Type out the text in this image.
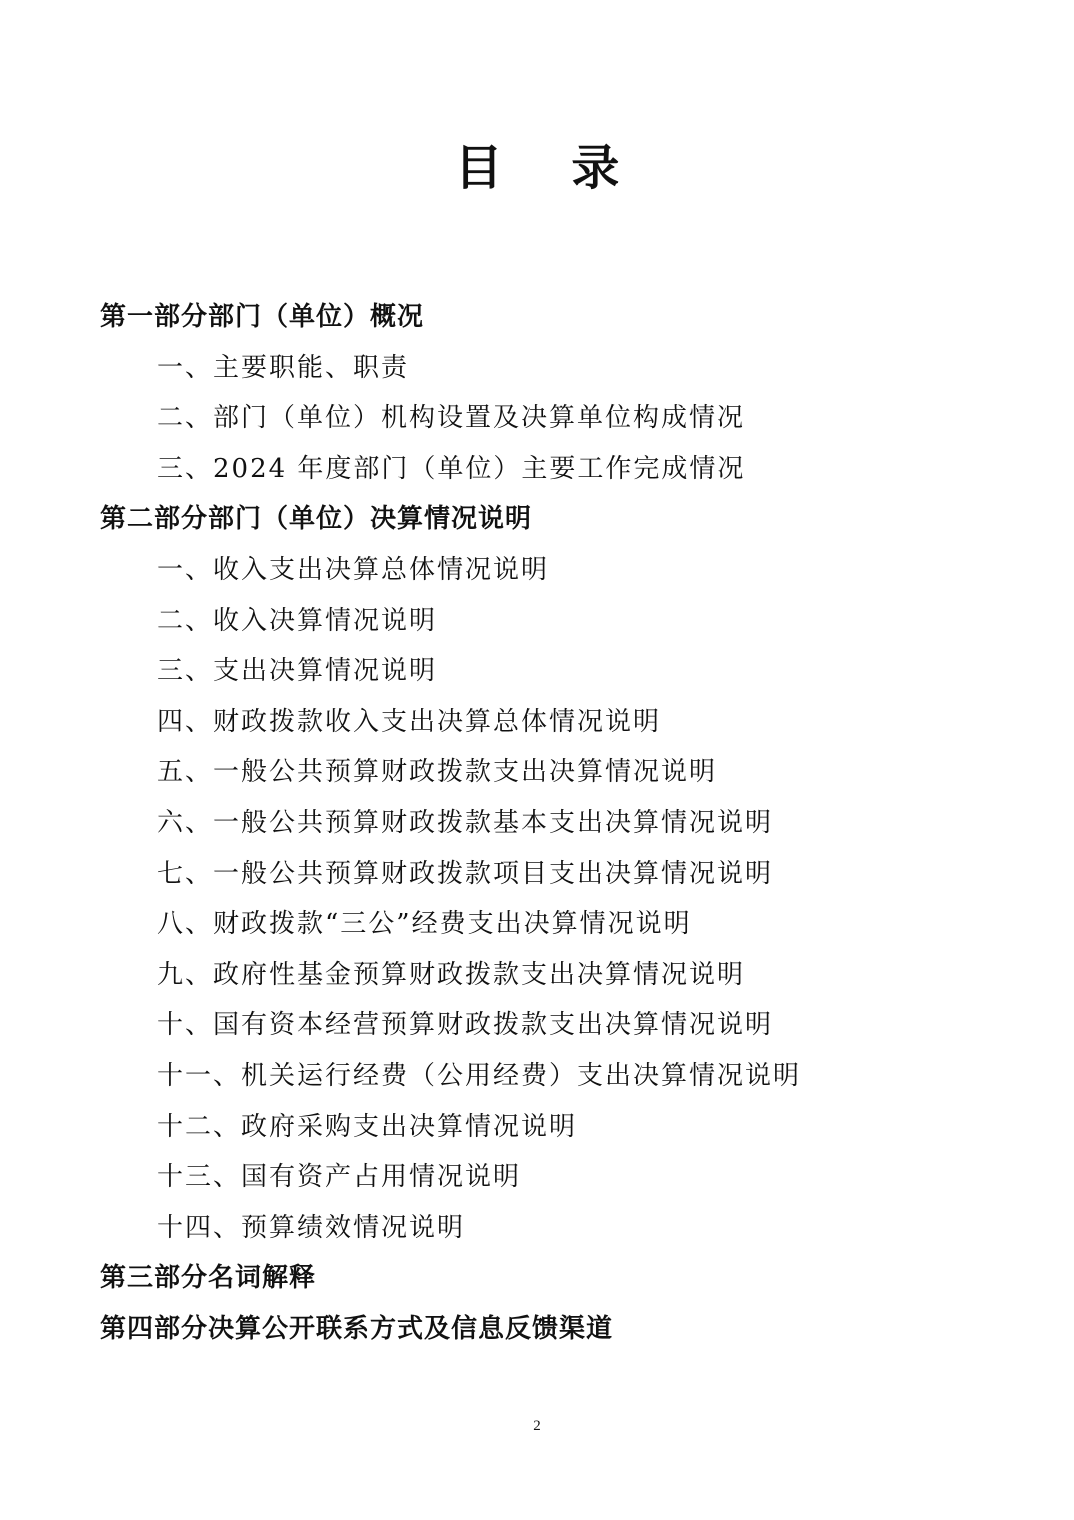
目 录
第一部分部门（单位）概况
一、主要职能、职责
二、部门（单位）机构设置及决算单位构成情况
三、2024 年度部门（单位）主要工作完成情况
第二部分部门（单位）决算情况说明
一、收入支出决算总体情况说明
二、收入决算情况说明
三、支出决算情况说明
四、财政拨款收入支出决算总体情况说明
五、一般公共预算财政拨款支出决算情况说明
六、一般公共预算财政拨款基本支出决算情况说明
七、一般公共预算财政拨款项目支出决算情况说明
八、财政拨款“三公”经费支出决算情况说明
九、政府性基金预算财政拨款支出决算情况说明
十、国有资本经营预算财政拨款支出决算情况说明
十一、机关运行经费（公用经费）支出决算情况说明
十二、政府采购支出决算情况说明
十三、国有资产占用情况说明
十四、预算绩效情况说明
第三部分名词解释
第四部分决算公开联系方式及信息反馈渠道
2
